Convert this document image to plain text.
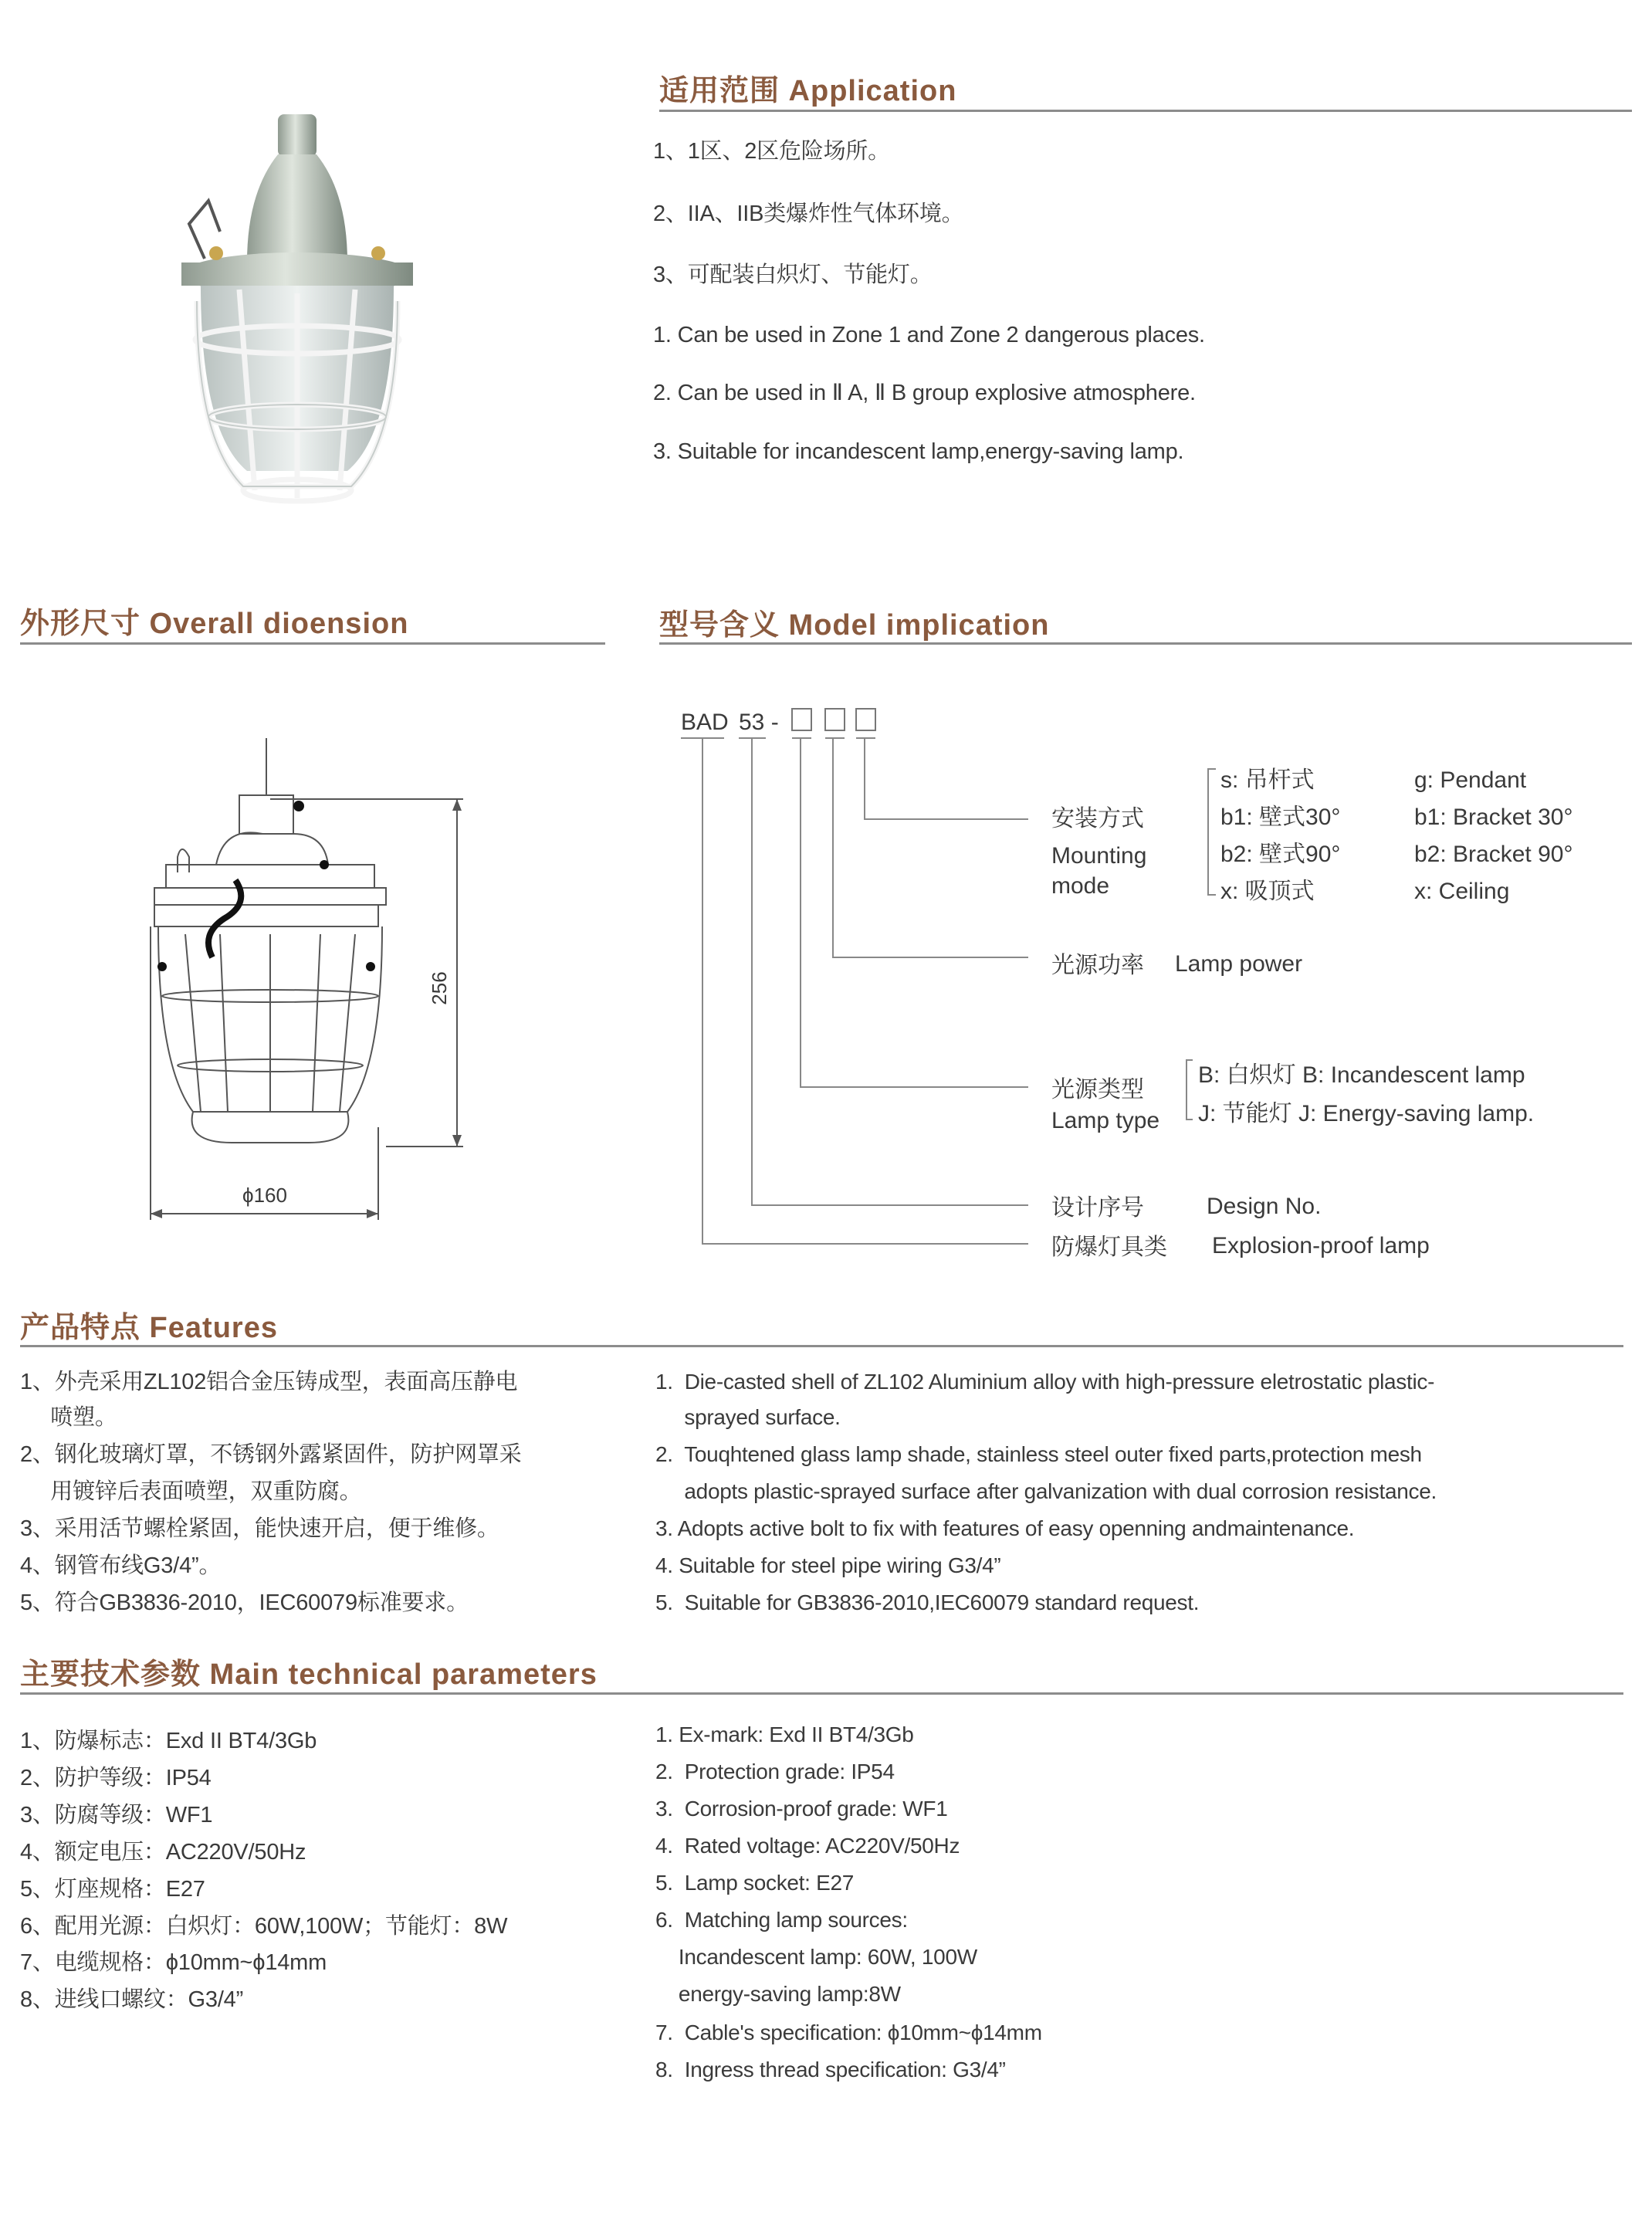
适用范围 Application
1、1区、2区危险场所。
2、IIA、IIB类爆炸性气体环境。
3、可配装白炽灯、节能灯。
1. Can be used in Zone 1 and Zone 2 dangerous places.
2. Can be used in Ⅱ A, Ⅱ B group explosive atmosphere.
3. Suitable for incandescent lamp,energy-saving lamp.
外形尺寸 Overall dioension
256
ϕ160
型号含义 Model implication
BAD 53 -
安装方式
Mounting
mode
s: 吊杆式
b1: 壁式30°
b2: 壁式90°
x: 吸顶式
g: Pendant
b1: Bracket 30°
b2: Bracket 90°
x: Ceiling
光源功率 Lamp power
光源类型
Lamp type
B: 白炽灯 B: Incandescent lamp
J: 节能灯 J: Energy-saving lamp.
设计序号	Design No.
防爆灯具类 Explosion-proof lamp
产品特点 Features
1、外壳采用ZL102铝合金压铸成型，表面高压静电
喷塑。
2、钢化玻璃灯罩，不锈钢外露紧固件，防护网罩采
用镀锌后表面喷塑，双重防腐。
3、采用活节螺栓紧固，能快速开启，便于维修。
4、钢管布线G3/4”。
5、符合GB3836-2010，IEC60079标准要求。
1.  Die-casted shell of ZL102 Aluminium alloy with high-pressure eletrostatic plastic-
sprayed surface.
2.  Touqhtened glass lamp shade, stainless steel outer fixed parts,protection mesh
adopts plastic-sprayed surface after galvanization with dual corrosion resistance.
3. Adopts active bolt to fix with features of easy openning andmaintenance.
4. Suitable for steel pipe wiring G3/4”
5.  Suitable for GB3836-2010,IEC60079 standard request.
主要技术参数 Main technical parameters
1、防爆标志：Exd II BT4/3Gb
2、防护等级：IP54
3、防腐等级：WF1
4、额定电压：AC220V/50Hz
5、灯座规格：E27
6、配用光源：白炽灯：60W,100W；节能灯：8W
7、电缆规格：ϕ10mm~ϕ14mm
8、进线口螺纹：G3/4”
1. Ex-mark: Exd II BT4/3Gb
2.  Protection grade: IP54
3.  Corrosion-proof grade: WF1
4.  Rated voltage: AC220V/50Hz
5.  Lamp socket: E27
6.  Matching lamp sources:
Incandescent lamp: 60W, 100W
energy-saving lamp:8W
7.  Cable's specification: ϕ10mm~ϕ14mm
8.  Ingress thread specification: G3/4”
